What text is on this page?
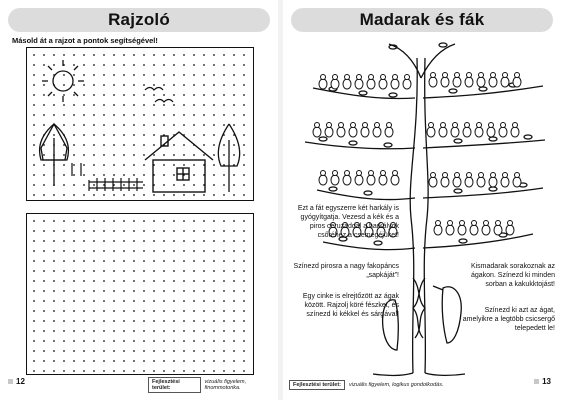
Rajzoló
Másold át a rajzot a pontok segítségével!
12	Fejlesztési terület:
vizuális figyelem, finommotorika.
Madarak és fák
Ezt a fát egyszerre két harkály is gyógyítgatja. Vezesd a kék és a piros ceruzáddal a harkályok csőréhez a csemegéjüket!
Színezd pirosra a nagy fakopáncs „sapkáját”!
Egy cinke is elrejtőzött az ágak között. Rajzolj köré fészket, és színezd ki kékkel és sárgával!
Kismadarak sorakoznak az ágakon. Színezd ki minden sorban a kakukktojást!
Színezd ki azt az ágat, amelyikre a legtöbb csicsergő telepedett le!
13
Fejlesztési terület:	vizuális figyelem, logikus gondolkodás.
